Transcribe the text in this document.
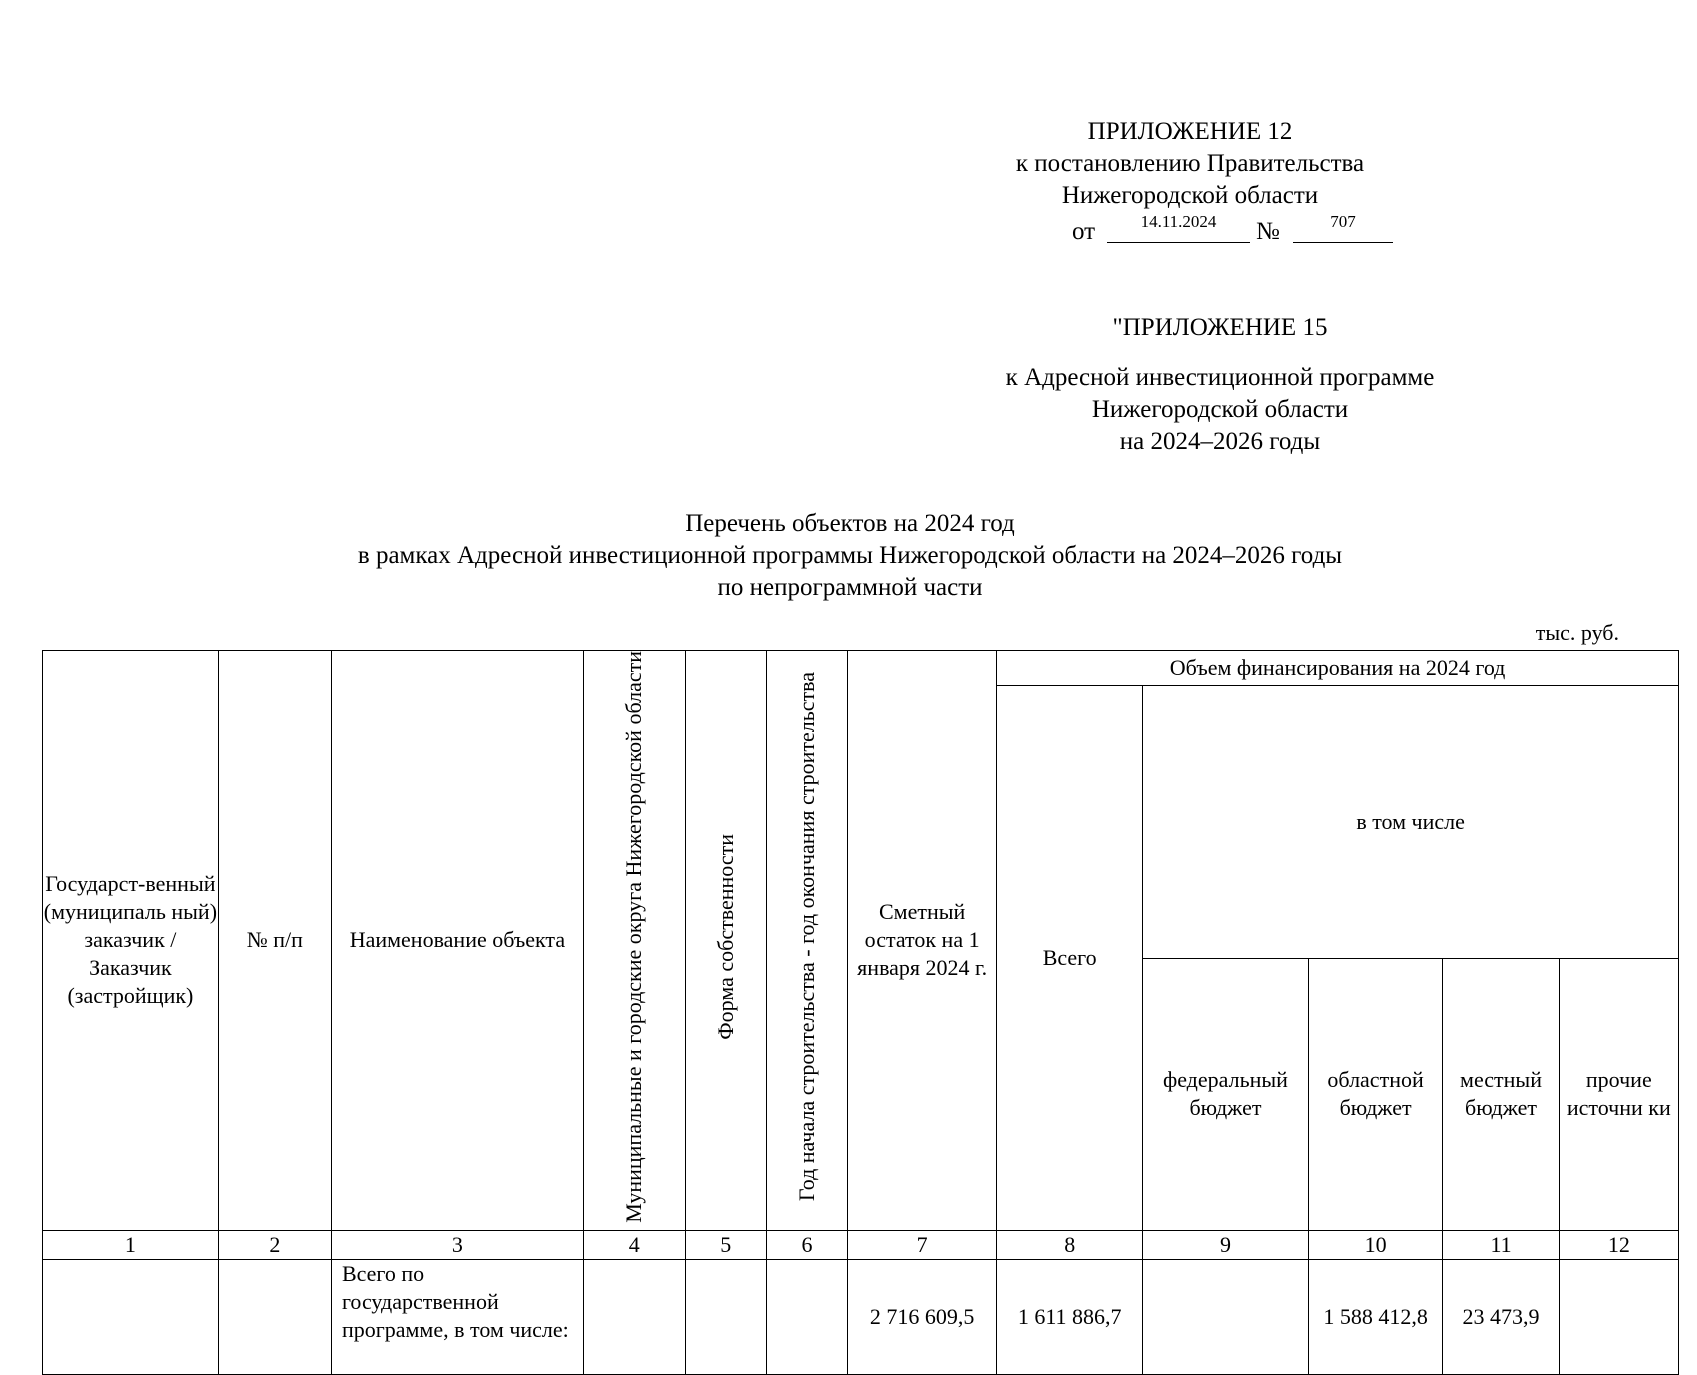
ПРИЛОЖЕНИЕ 12
к постановлению Правительства
Нижегородской области
от	14.11.2024	№	707
"ПРИЛОЖЕНИЕ 15
к Адресной инвестиционной программе
Нижегородской области
на 2024–2026 годы
Перечень объектов на 2024 год
в рамках Адресной инвестиционной программы Нижегородской области на 2024–2026 годы
по непрограммной части
тыс. руб.
Государст-венный (муниципаль ный) заказчик / Заказчик (застройщик)	№ п/п	Наименование объекта	Муниципальные и городские округа Нижегородской области	Форма собственности	Год начала строительства - год окончания строительства	Сметный остаток на 1 января 2024 г.	Объем финансирования на 2024 год				
							Всего	в том числе			
								федеральный бюджет	областной бюджет	местный бюджет	прочие источни ки
1	2	3	4	5	6	7	8	9	10	11	12
		Всего по государственной программе, в том числе:				2 716 609,5	1 611 886,7		1 588 412,8	23 473,9	
